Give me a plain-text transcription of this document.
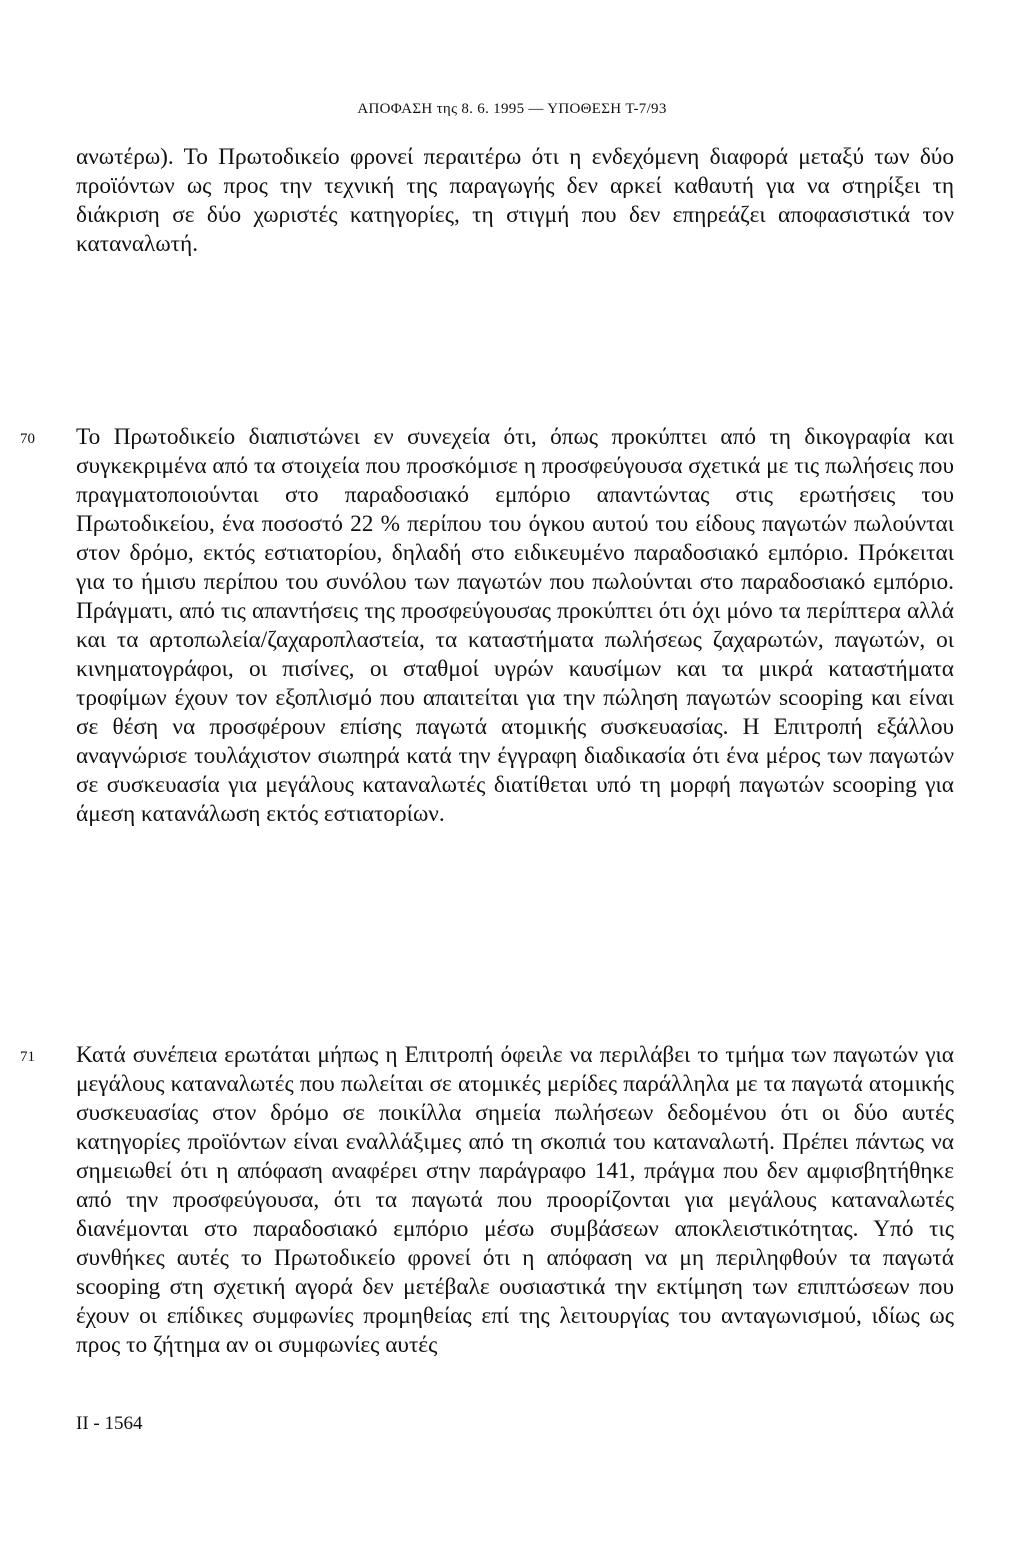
ΑΠΟΦΑΣΗ της 8. 6. 1995 — ΥΠΟΘΕΣΗ T-7/93

ανωτέρω). Το Πρωτοδικείο φρονεί περαιτέρω ότι η ενδεχόμενη διαφορά μεταξύ των δύο προϊόντων ως προς την τεχνική της παραγωγής δεν αρκεί καθαυτή για να στηρίξει τη διάκριση σε δύο χωριστές κατηγορίες, τη στιγμή που δεν επηρεάζει αποφασιστικά τον καταναλωτή.

70 Το Πρωτοδικείο διαπιστώνει εν συνεχεία ότι, όπως προκύπτει από τη δικογραφία και συγκεκριμένα από τα στοιχεία που προσκόμισε η προσφεύγουσα σχετικά με τις πωλήσεις που πραγματοποιούνται στο παραδοσιακό εμπόριο απαντώντας στις ερωτήσεις του Πρωτοδικείου, ένα ποσοστό 22 % περίπου του όγκου αυτού του είδους παγωτών πωλούνται στον δρόμο, εκτός εστιατορίου, δηλαδή στο ειδικευμένο παραδοσιακό εμπόριο. Πρόκειται για το ήμισυ περίπου του συνόλου των παγωτών που πωλούνται στο παραδοσιακό εμπόριο. Πράγματι, από τις απαντήσεις της προσφεύγουσας προκύπτει ότι όχι μόνο τα περίπτερα αλλά και τα αρτοπωλεία/ζαχαροπλαστεία, τα καταστήματα πωλήσεως ζαχαρωτών, παγωτών, οι κινηματογράφοι, οι πισίνες, οι σταθμοί υγρών καυσίμων και τα μικρά καταστήματα τροφίμων έχουν τον εξοπλισμό που απαιτείται για την πώληση παγωτών scooping και είναι σε θέση να προσφέρουν επίσης παγωτά ατομικής συσκευασίας. Η Επιτροπή εξάλλου αναγνώρισε τουλάχιστον σιωπηρά κατά την έγγραφη διαδικασία ότι ένα μέρος των παγωτών σε συσκευασία για μεγάλους καταναλωτές διατίθεται υπό τη μορφή παγωτών scooping για άμεση κατανάλωση εκτός εστιατορίων.

71 Κατά συνέπεια ερωτάται μήπως η Επιτροπή όφειλε να περιλάβει το τμήμα των παγωτών για μεγάλους καταναλωτές που πωλείται σε ατομικές μερίδες παράλληλα με τα παγωτά ατομικής συσκευασίας στον δρόμο σε ποικίλλα σημεία πωλήσεων δεδομένου ότι οι δύο αυτές κατηγορίες προϊόντων είναι εναλλάξιμες από τη σκοπιά του καταναλωτή. Πρέπει πάντως να σημειωθεί ότι η απόφαση αναφέρει στην παράγραφο 141, πράγμα που δεν αμφισβητήθηκε από την προσφεύγουσα, ότι τα παγωτά που προορίζονται για μεγάλους καταναλωτές διανέμονται στο παραδοσιακό εμπόριο μέσω συμβάσεων αποκλειστικότητας. Υπό τις συνθήκες αυτές το Πρωτοδικείο φρονεί ότι η απόφαση να μη περιληφθούν τα παγωτά scooping στη σχετική αγορά δεν μετέβαλε ουσιαστικά την εκτίμηση των επιπτώσεων που έχουν οι επίδικες συμφωνίες προμηθείας επί της λειτουργίας του ανταγωνισμού, ιδίως ως προς το ζήτημα αν οι συμφωνίες αυτές

II - 1564
